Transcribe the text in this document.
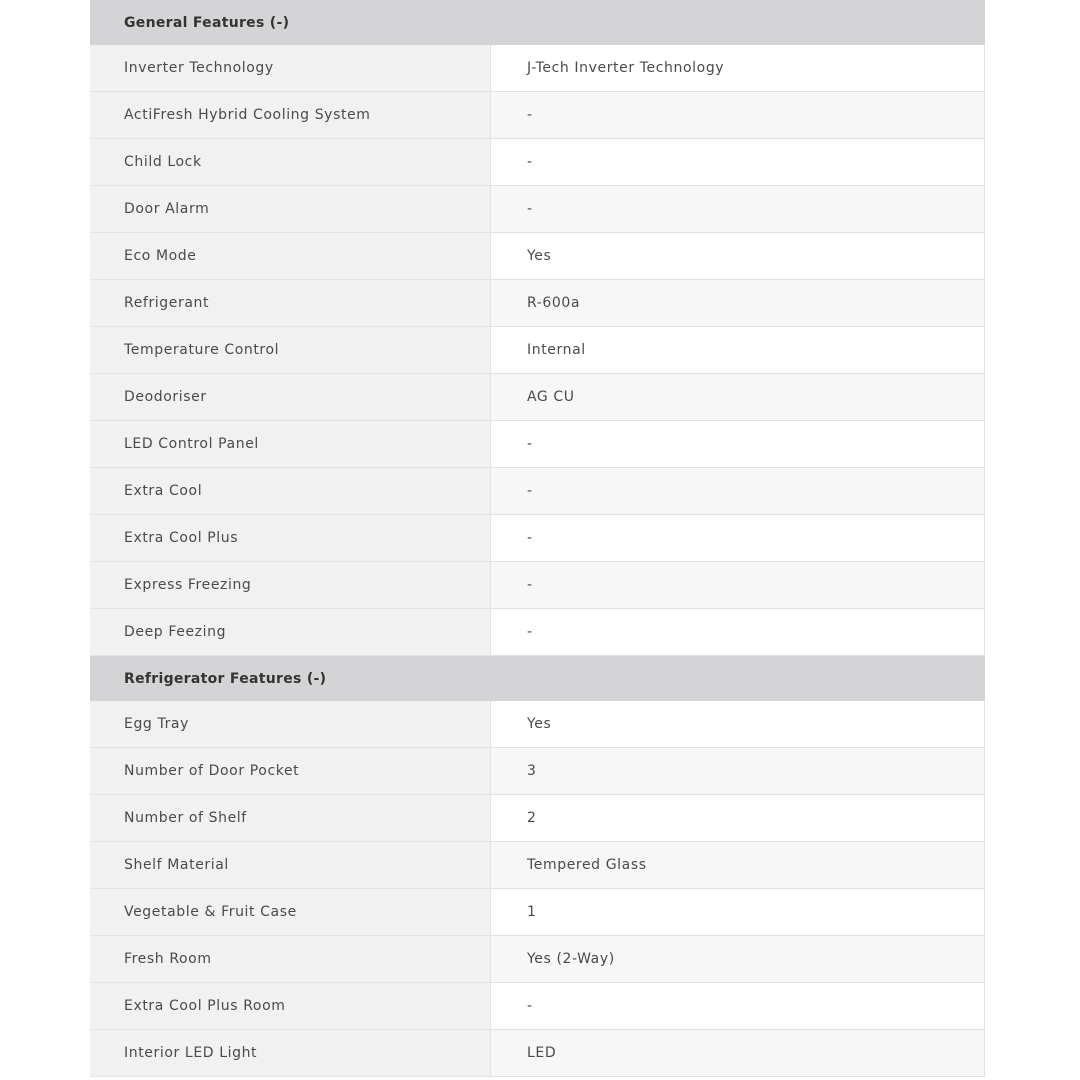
General Features (-)
Inverter Technology	J-Tech Inverter Technology
ActiFresh Hybrid Cooling System	-
Child Lock	-
Door Alarm	-
Eco Mode	Yes
Refrigerant	R-600a
Temperature Control	Internal
Deodoriser	AG CU
LED Control Panel	-
Extra Cool	-
Extra Cool Plus	-
Express Freezing	-
Deep Feezing	-
Refrigerator Features (-)
Egg Tray	Yes
Number of Door Pocket	3
Number of Shelf	2
Shelf Material	Tempered Glass
Vegetable & Fruit Case	1
Fresh Room	Yes (2-Way)
Extra Cool Plus Room	-
Interior LED Light	LED
